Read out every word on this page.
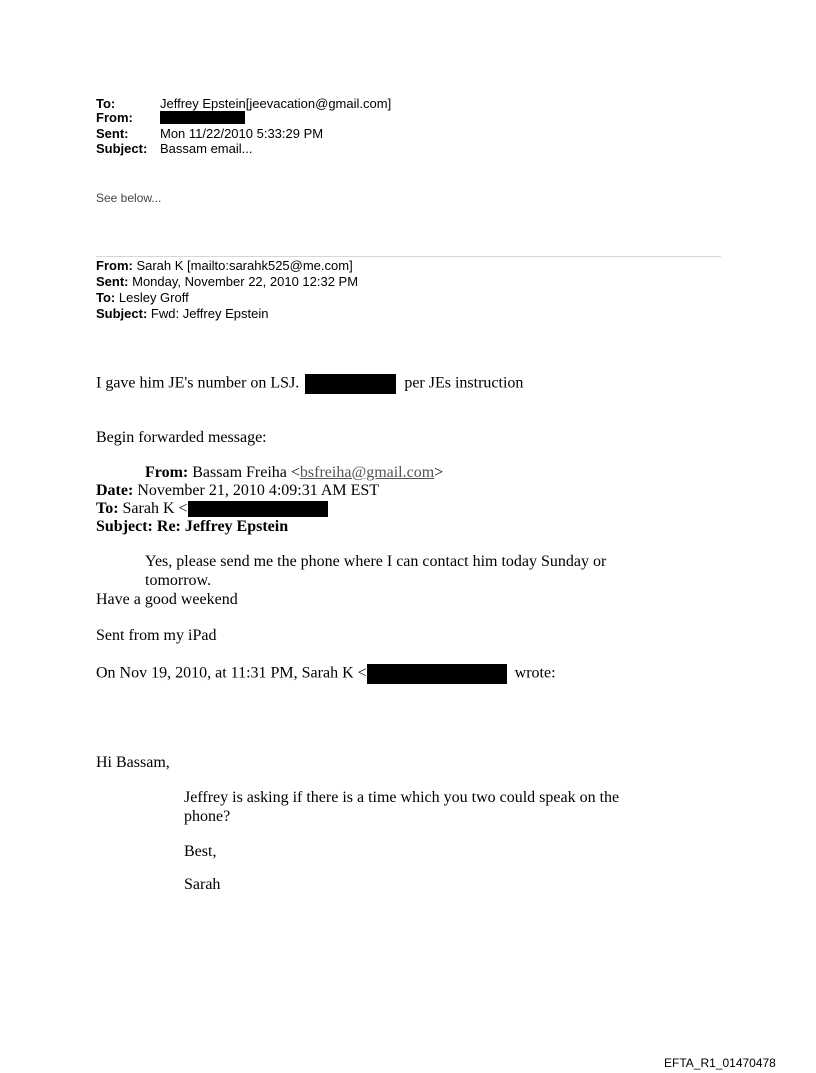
To:	Jeffrey Epstein[jeevacation@gmail.com]
From:
Sent: Mon 11/22/2010 5:33:29 PM
Subject: Bassam email...
See below...
From: Sarah K [mailto:sarahk525@me.com]
Sent: Monday, November 22, 2010 12:32 PM
To: Lesley Groff
Subject: Fwd: Jeffrey Epstein
I gave him JE's number on LSJ.	per JEs instruction
Begin forwarded message:
From: Bassam Freiha <bsfreiha@gmail.com>
Date: November 21, 2010 4:09:31 AM EST
To: Sarah K <
Subject: Re: Jeffrey Epstein
Yes, please send me the phone where I can contact him today Sunday or
tomorrow.
Have a good weekend
Sent from my iPad
On Nov 19, 2010, at 11:31 PM, Sarah K <	wrote:
Hi Bassam,
Jeffrey is asking if there is a time which you two could speak on the
phone?
Best,
Sarah
EFTA_R1_01470478
